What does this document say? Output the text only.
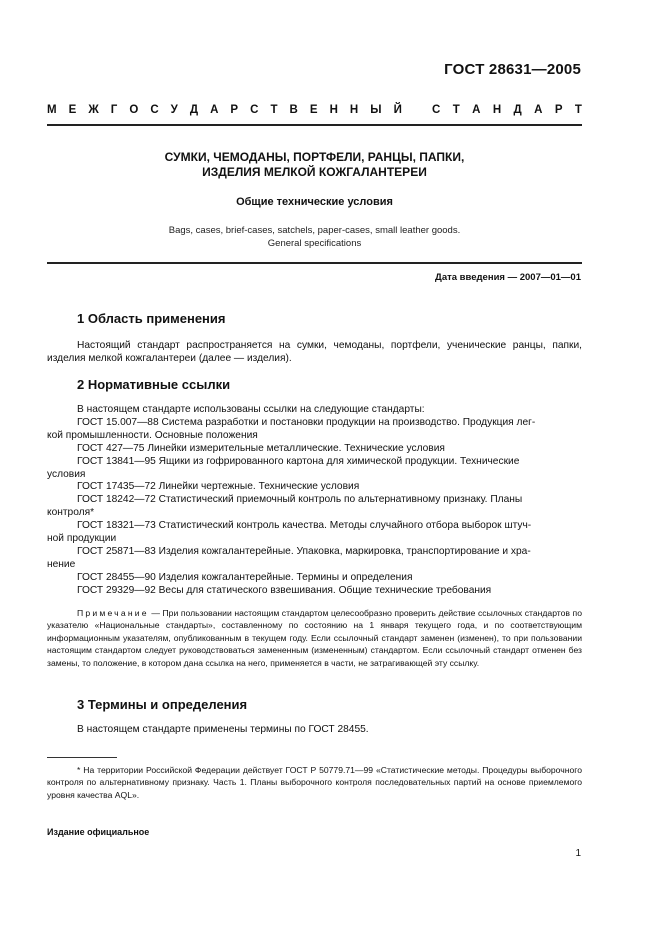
ГОСТ 28631—2005
М Е Ж Г О С У Д А Р С Т В Е Н Н Ы Й	С Т А Н Д А Р Т
СУМКИ, ЧЕМОДАНЫ, ПОРТФЕЛИ, РАНЦЫ, ПАПКИ,
ИЗДЕЛИЯ МЕЛКОЙ КОЖГАЛАНТЕРЕИ
Общие технические условия
Bags, cases, brief-cases, satchels, paper-cases, small leather goods.
General specifications
Дата введения — 2007—01—01
1 Область применения
Настоящий стандарт распространяется на сумки, чемоданы, портфели, ученические ранцы, папки, изделия мелкой кожгалантереи (далее — изделия).
2 Нормативные ссылки
В настоящем стандарте использованы ссылки на следующие стандарты:
ГОСТ 15.007—88 Система разработки и постановки продукции на производство. Продукция лег-
кой промышленности. Основные положения
ГОСТ 427—75 Линейки измерительные металлические. Технические условия
ГОСТ 13841—95 Ящики из гофрированного картона для химической продукции. Технические
условия
ГОСТ 17435—72 Линейки чертежные. Технические условия
ГОСТ 18242—72 Статистический приемочный контроль по альтернативному признаку. Планы
контроля*
ГОСТ 18321—73 Статистический контроль качества. Методы случайного отбора выборок штуч-
ной продукции
ГОСТ 25871—83 Изделия кожгалантерейные. Упаковка, маркировка, транспортирование и хра-
нение
ГОСТ 28455—90 Изделия кожгалантерейные. Термины и определения
ГОСТ 29329—92 Весы для статического взвешивания. Общие технические требования
Примечание — При пользовании настоящим стандартом целесообразно проверить действие ссылочных стандартов по указателю «Национальные стандарты», составленному по состоянию на 1 января текущего года, и по соответствующим информационным указателям, опубликованным в текущем году. Если ссылочный стандарт заменен (изменен), то при пользовании настоящим стандартом следует руководствоваться замененным (измененным) стандартом. Если ссылочный стандарт отменен без замены, то положение, в котором дана ссылка на него, применяется в части, не затрагивающей эту ссылку.
3 Термины и определения
В настоящем стандарте применены термины по ГОСТ 28455.
* На территории Российской Федерации действует ГОСТ Р 50779.71—99 «Статистические методы. Процедуры выборочного контроля по альтернативному признаку. Часть 1. Планы выборочного контроля последовательных партий на основе приемлемого уровня качества AQL».
Издание официальное
1
